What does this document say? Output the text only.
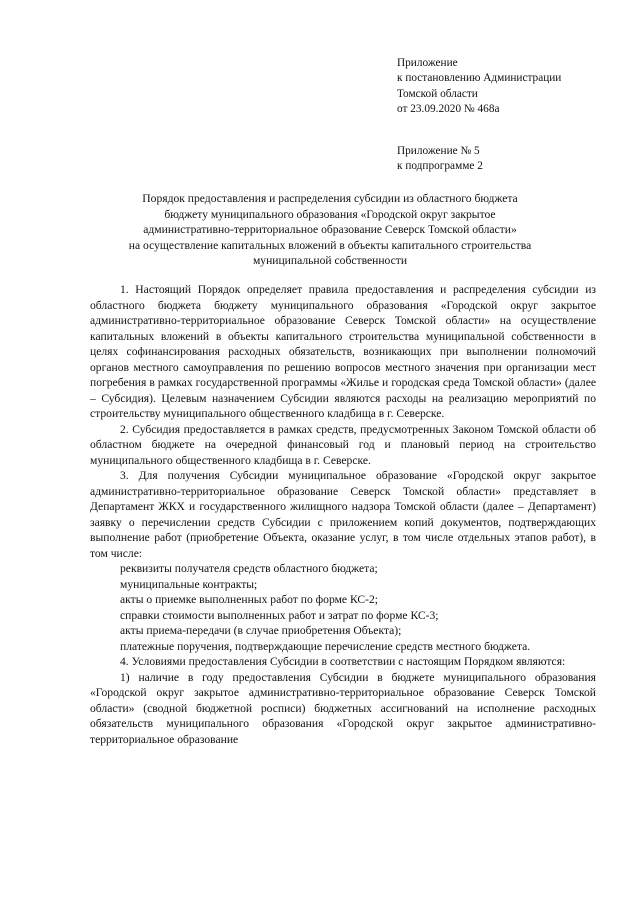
Приложение
к постановлению Администрации
Томской области
от 23.09.2020 № 468а
Приложение № 5
к подпрограмме 2
Порядок предоставления и распределения субсидии из областного бюджета
бюджету муниципального образования «Городской округ закрытое
административно-территориальное образование Северск Томской области»
на осуществление капитальных вложений в объекты капитального строительства
муниципальной собственности

1. Настоящий Порядок определяет правила предоставления и распределения субсидии из областного бюджета бюджету муниципального образования «Городской округ закрытое административно-территориальное образование Северск Томской области» на осуществление капитальных вложений в объекты капитального строительства муниципальной собственности в целях софинансирования расходных обязательств, возникающих при выполнении полномочий органов местного самоуправления по решению вопросов местного значения при организации мест погребения в рамках государственной программы «Жилье и городская среда Томской области» (далее – Субсидия). Целевым назначением Субсидии являются расходы на реализацию мероприятий по строительству муниципального общественного кладбища в г. Северске.

2. Субсидия предоставляется в рамках средств, предусмотренных Законом Томской области об областном бюджете на очередной финансовый год и плановый период на строительство муниципального общественного кладбища в г. Северске.

3. Для получения Субсидии муниципальное образование «Городской округ закрытое административно-территориальное образование Северск Томской области» представляет в Департамент ЖКХ и государственного жилищного надзора Томской области (далее – Департамент) заявку о перечислении средств Субсидии с приложением копий документов, подтверждающих выполнение работ (приобретение Объекта, оказание услуг, в том числе отдельных этапов работ), в том числе:

реквизиты получателя средств областного бюджета;

муниципальные контракты;

акты о приемке выполненных работ по форме КС-2;

справки стоимости выполненных работ и затрат по форме КС-3;

акты приема-передачи (в случае приобретения Объекта);

платежные поручения, подтверждающие перечисление средств местного бюджета.

4. Условиями предоставления Субсидии в соответствии с настоящим Порядком являются:

1) наличие в году предоставления Субсидии в бюджете муниципального образования «Городской округ закрытое административно-территориальное образование Северск Томской области» (сводной бюджетной росписи) бюджетных ассигнований на исполнение расходных обязательств муниципального образования «Городской округ закрытое административно-территориальное образование
